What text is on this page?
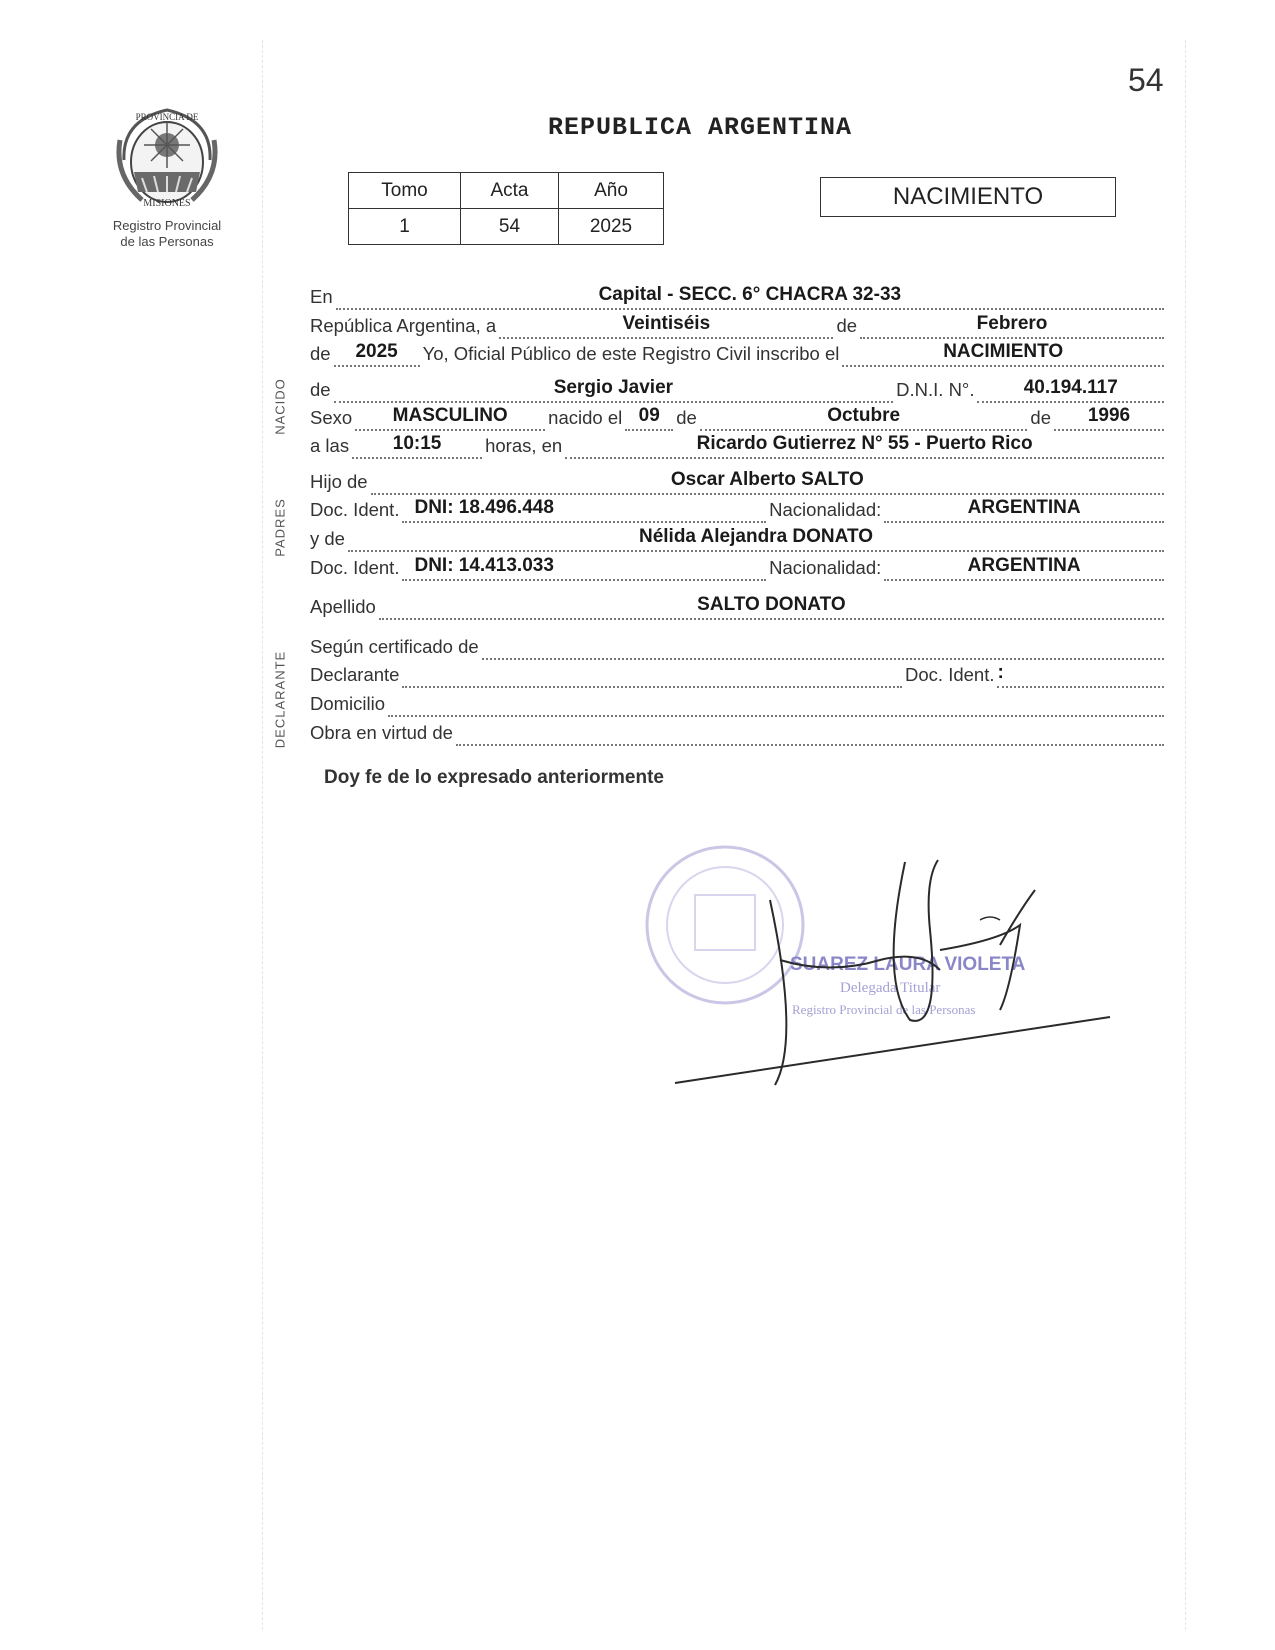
54
PROVINCIA DE
MISIONES
Registro Provincial
de las Personas
REPUBLICA ARGENTINA
Tomo	Acta	Año
1	54	2025
NACIMIENTO
En	Capital - SECC. 6° CHACRA 32-33
República Argentina, a	Veintiséis	de	Febrero
de	2025	Yo, Oficial Público de este Registro Civil inscribo el	NACIMIENTO
NACIDO de	Sergio Javier	D.N.I. N°.	40.194.117
Sexo	MASCULINO	nacido el 09 de	Octubre	de	1996
a las	10:15	horas, en	Ricardo Gutierrez N° 55 - Puerto Rico
PADRES
Hijo de	Oscar Alberto SALTO
Doc. Ident. DNI: 18.496.448	Nacionalidad:	ARGENTINA
y de	Nélida Alejandra DONATO
Doc. Ident. DNI: 14.413.033	Nacionalidad:	ARGENTINA
Apellido	SALTO DONATO
DECLARANTE
Según certificado de
Declarante	Doc. Ident. :
Domicilio
Obra en virtud de
Doy fe de lo expresado anteriormente
SUAREZ LAURA VIOLETA
Delegada Titular
Registro Provincial de las Personas
